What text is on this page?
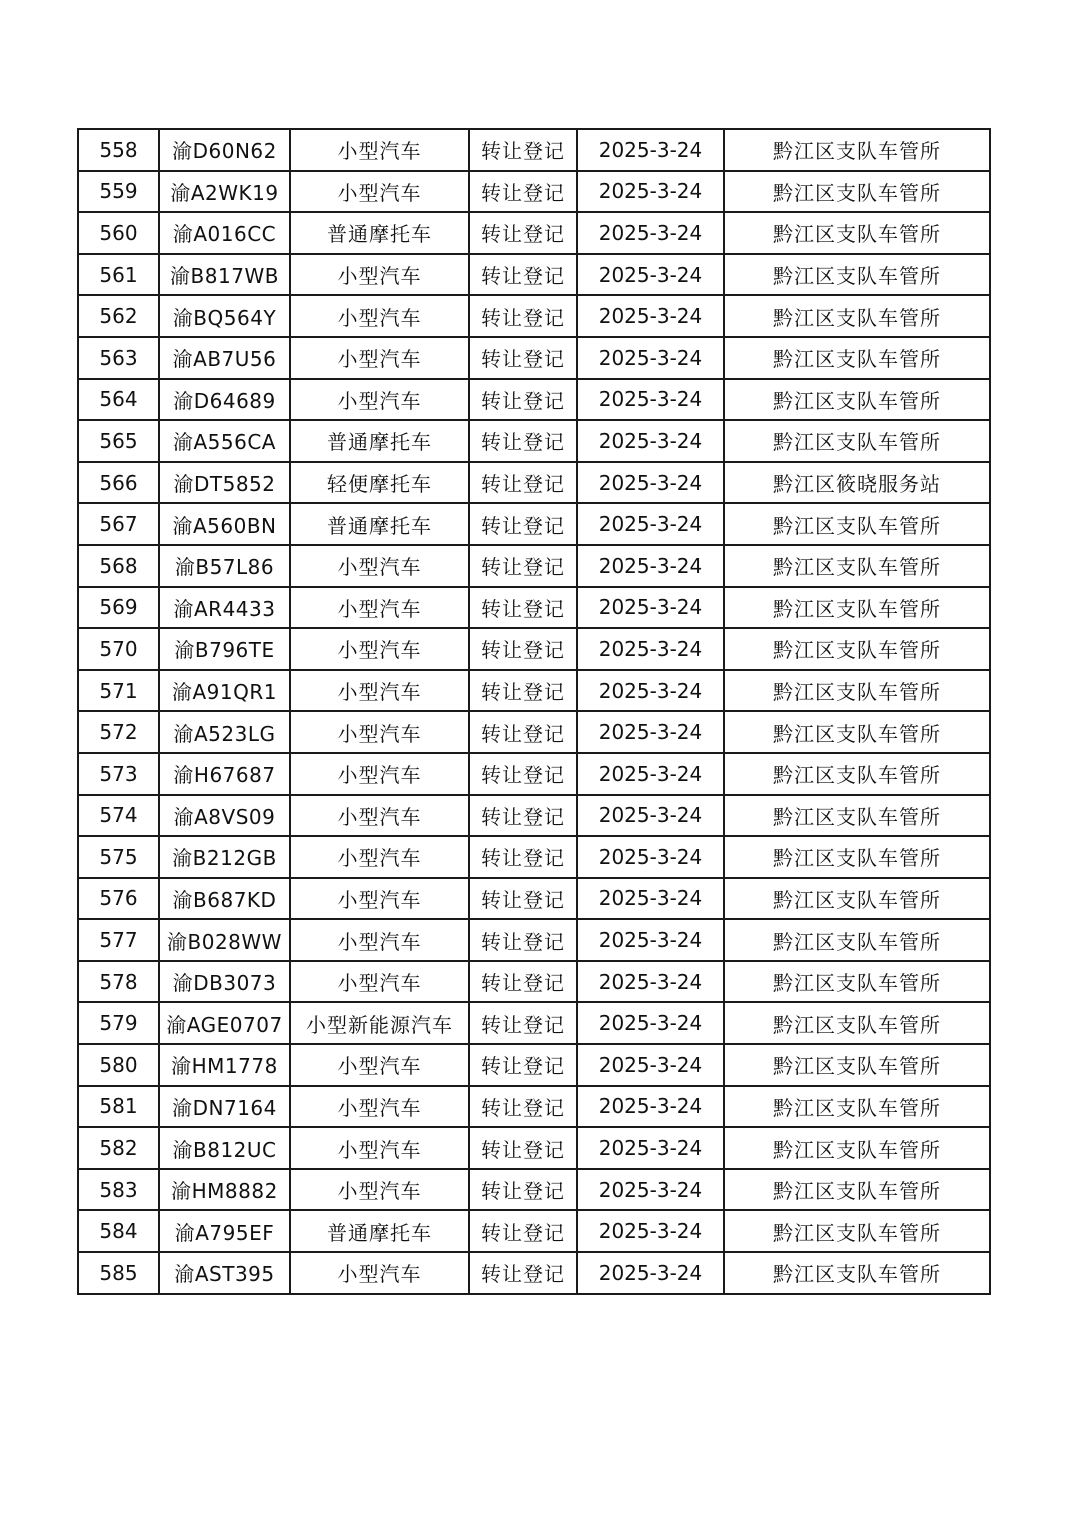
558	渝D60N62	小型汽车	转让登记	2025-3-24	黔江区支队车管所
559	渝A2WK19	小型汽车	转让登记	2025-3-24	黔江区支队车管所
560	渝A016CC	普通摩托车	转让登记	2025-3-24	黔江区支队车管所
561	渝B817WB	小型汽车	转让登记	2025-3-24	黔江区支队车管所
562	渝BQ564Y	小型汽车	转让登记	2025-3-24	黔江区支队车管所
563	渝AB7U56	小型汽车	转让登记	2025-3-24	黔江区支队车管所
564	渝D64689	小型汽车	转让登记	2025-3-24	黔江区支队车管所
565	渝A556CA	普通摩托车	转让登记	2025-3-24	黔江区支队车管所
566	渝DT5852	轻便摩托车	转让登记	2025-3-24	黔江区筱晓服务站
567	渝A560BN	普通摩托车	转让登记	2025-3-24	黔江区支队车管所
568	渝B57L86	小型汽车	转让登记	2025-3-24	黔江区支队车管所
569	渝AR4433	小型汽车	转让登记	2025-3-24	黔江区支队车管所
570	渝B796TE	小型汽车	转让登记	2025-3-24	黔江区支队车管所
571	渝A91QR1	小型汽车	转让登记	2025-3-24	黔江区支队车管所
572	渝A523LG	小型汽车	转让登记	2025-3-24	黔江区支队车管所
573	渝H67687	小型汽车	转让登记	2025-3-24	黔江区支队车管所
574	渝A8VS09	小型汽车	转让登记	2025-3-24	黔江区支队车管所
575	渝B212GB	小型汽车	转让登记	2025-3-24	黔江区支队车管所
576	渝B687KD	小型汽车	转让登记	2025-3-24	黔江区支队车管所
577	渝B028WW	小型汽车	转让登记	2025-3-24	黔江区支队车管所
578	渝DB3073	小型汽车	转让登记	2025-3-24	黔江区支队车管所
579	渝AGE0707	小型新能源汽车	转让登记	2025-3-24	黔江区支队车管所
580	渝HM1778	小型汽车	转让登记	2025-3-24	黔江区支队车管所
581	渝DN7164	小型汽车	转让登记	2025-3-24	黔江区支队车管所
582	渝B812UC	小型汽车	转让登记	2025-3-24	黔江区支队车管所
583	渝HM8882	小型汽车	转让登记	2025-3-24	黔江区支队车管所
584	渝A795EF	普通摩托车	转让登记	2025-3-24	黔江区支队车管所
585	渝AST395	小型汽车	转让登记	2025-3-24	黔江区支队车管所
